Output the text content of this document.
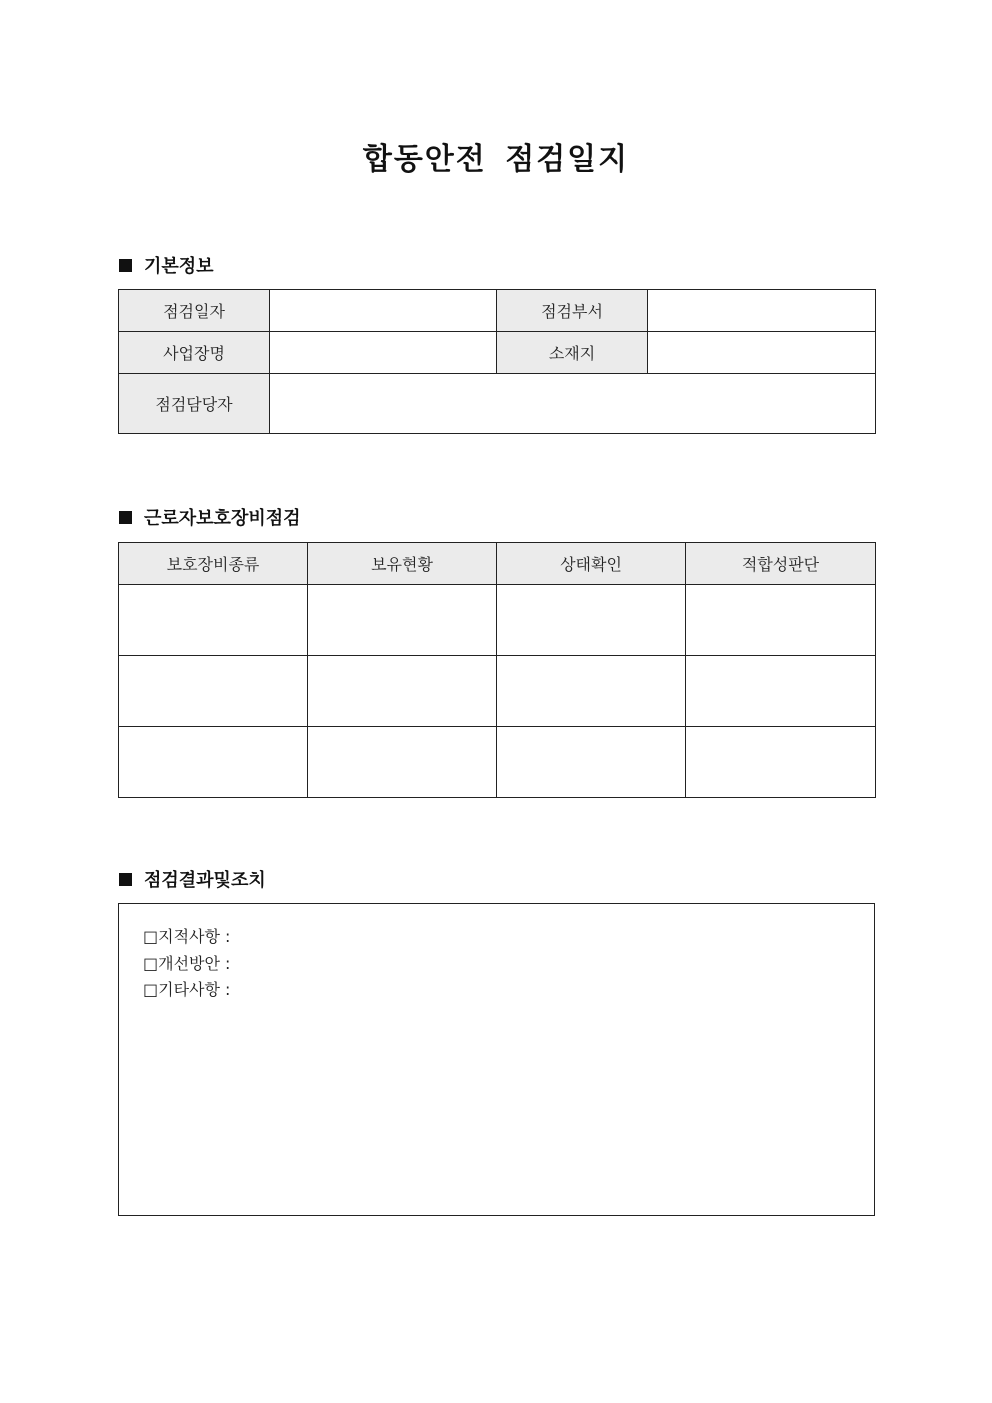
합동안전 점검일지
기본정보
점검일자		점검부서	
사업장명		소재지	
점검담당자			
근로자보호장비점검
보호장비종류	보유현황	상태확인	적합성판단

점검결과및조치
□지적사항 :
□개선방안 :
□기타사항 :
